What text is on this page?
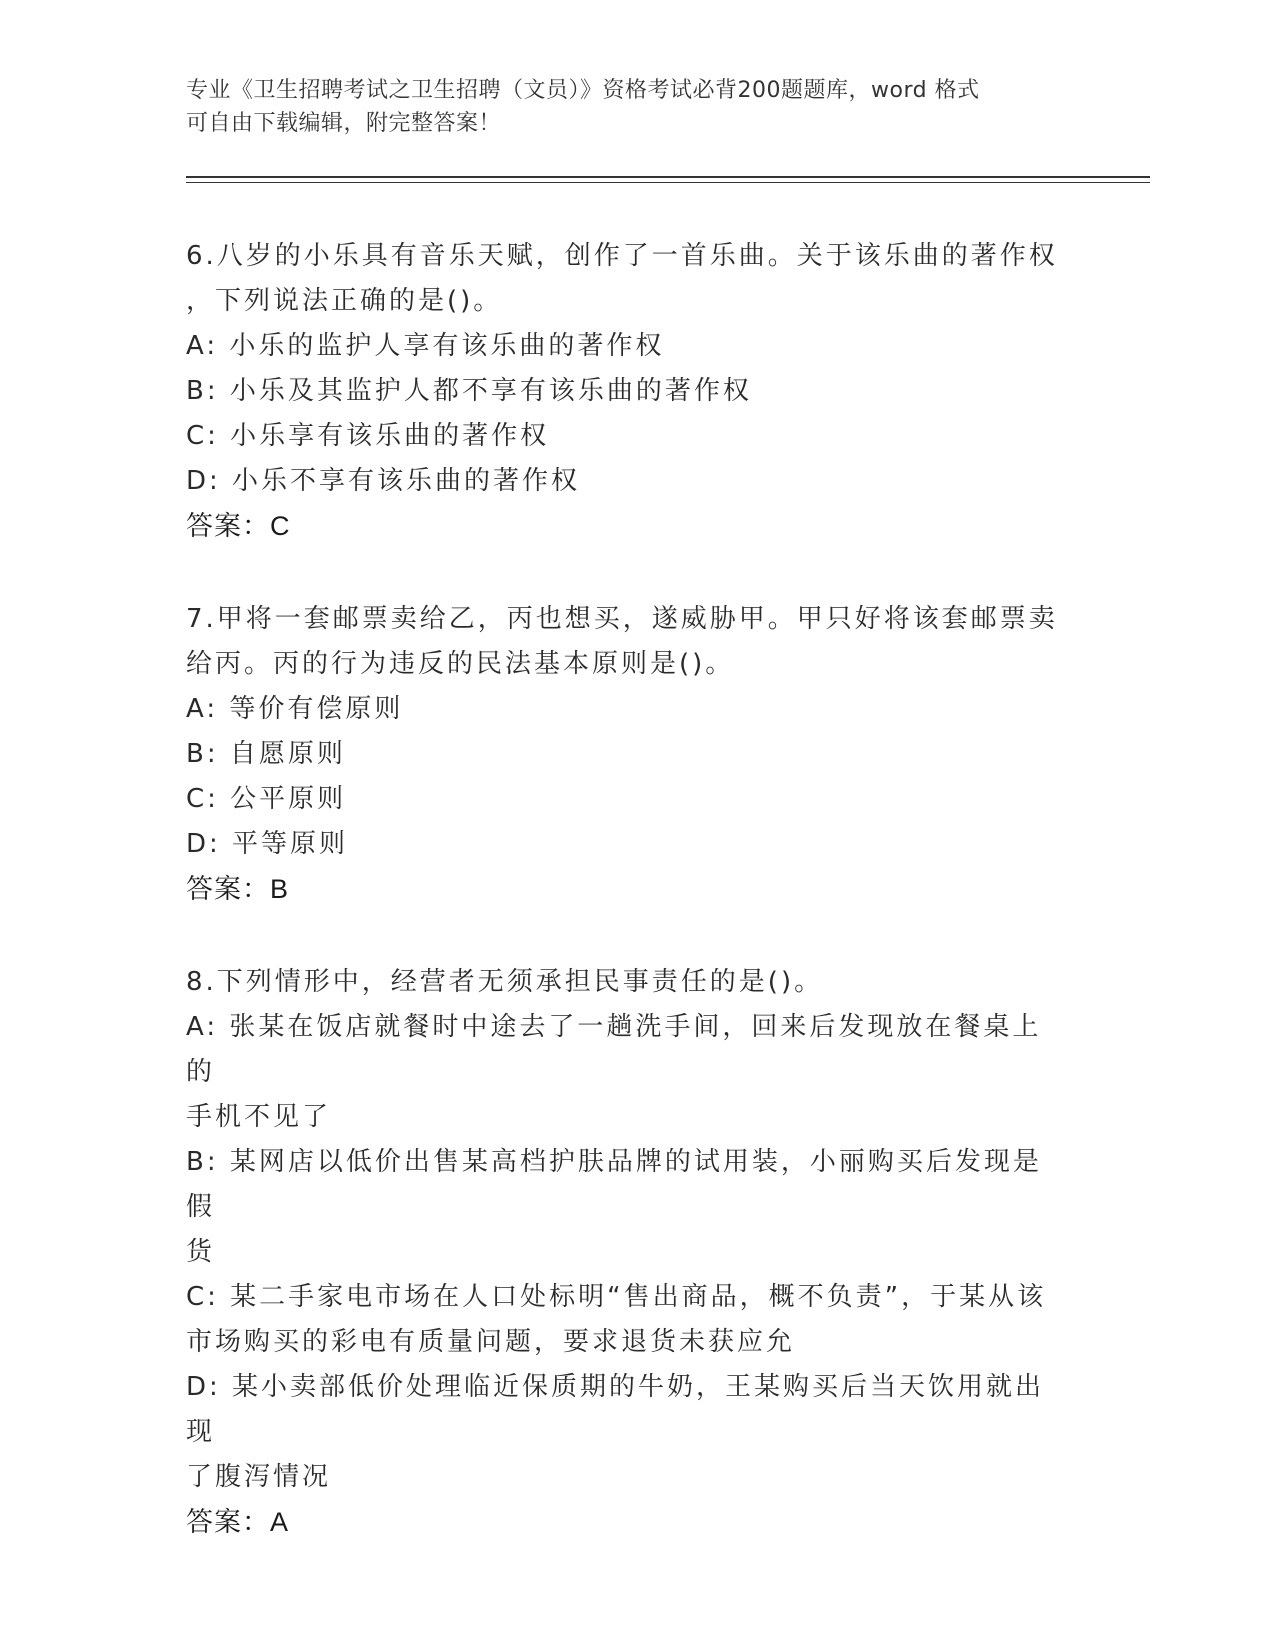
专业《卫生招聘考试之卫生招聘（文员）》资格考试必背200题题库，word 格式
可自由下载编辑，附完整答案！

6.八岁的小乐具有音乐天赋，创作了一首乐曲。关于该乐曲的著作权

，下列说法正确的是()。

A: 小乐的监护人享有该乐曲的著作权

B: 小乐及其监护人都不享有该乐曲的著作权

C: 小乐享有该乐曲的著作权

D: 小乐不享有该乐曲的著作权

答案：C

7.甲将一套邮票卖给乙，丙也想买，遂威胁甲。甲只好将该套邮票卖

给丙。丙的行为违反的民法基本原则是()。

A: 等价有偿原则

B: 自愿原则

C: 公平原则

D: 平等原则

答案：B

8.下列情形中，经营者无须承担民事责任的是()。

A: 张某在饭店就餐时中途去了一趟洗手间，回来后发现放在餐桌上的

手机不见了

B: 某网店以低价出售某高档护肤品牌的试用装，小丽购买后发现是假

货

C: 某二手家电市场在人口处标明“售出商品，概不负责”，于某从该

市场购买的彩电有质量问题，要求退货未获应允

D: 某小卖部低价处理临近保质期的牛奶，王某购买后当天饮用就出现

了腹泻情况

答案：A
